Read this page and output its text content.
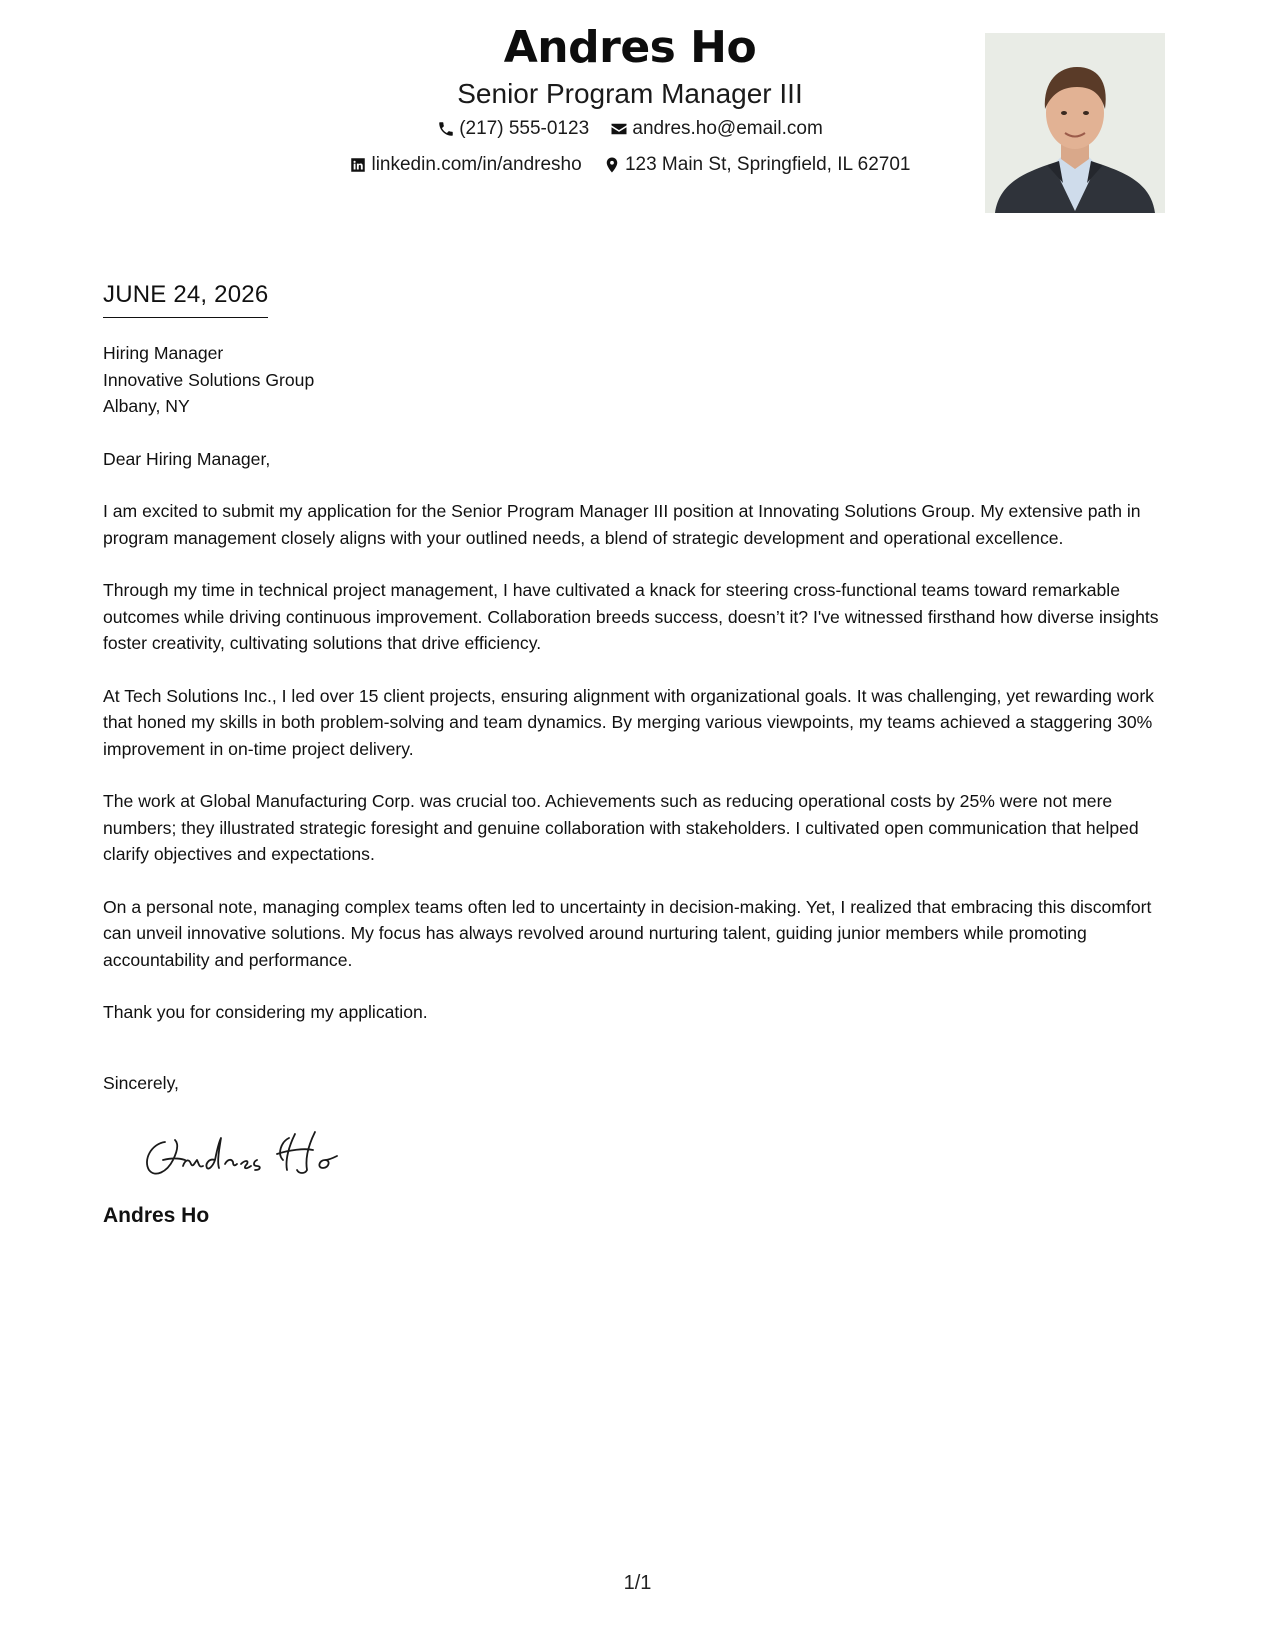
Andres Ho
Senior Program Manager III
(217) 555-0123
andres.ho@email.com
linkedin.com/in/andresho
123 Main St, Springfield, IL 62701
JUNE 24, 2026
Hiring Manager
Innovative Solutions Group
Albany, NY
Dear Hiring Manager,
I am excited to submit my application for the Senior Program Manager III position at Innovating Solutions Group. My extensive path in program management closely aligns with your outlined needs, a blend of strategic development and operational excellence.
Through my time in technical project management, I have cultivated a knack for steering cross-functional teams toward remarkable outcomes while driving continuous improvement. Collaboration breeds success, doesn’t it? I've witnessed firsthand how diverse insights foster creativity, cultivating solutions that drive efficiency.
At Tech Solutions Inc., I led over 15 client projects, ensuring alignment with organizational goals. It was challenging, yet rewarding work that honed my skills in both problem-solving and team dynamics. By merging various viewpoints, my teams achieved a staggering 30% improvement in on-time project delivery.
The work at Global Manufacturing Corp. was crucial too. Achievements such as reducing operational costs by 25% were not mere numbers; they illustrated strategic foresight and genuine collaboration with stakeholders. I cultivated open communication that helped clarify objectives and expectations.
On a personal note, managing complex teams often led to uncertainty in decision-making. Yet, I realized that embracing this discomfort can unveil innovative solutions. My focus has always revolved around nurturing talent, guiding junior members while promoting accountability and performance.
Thank you for considering my application.
Sincerely,
Andres Ho
1/1
